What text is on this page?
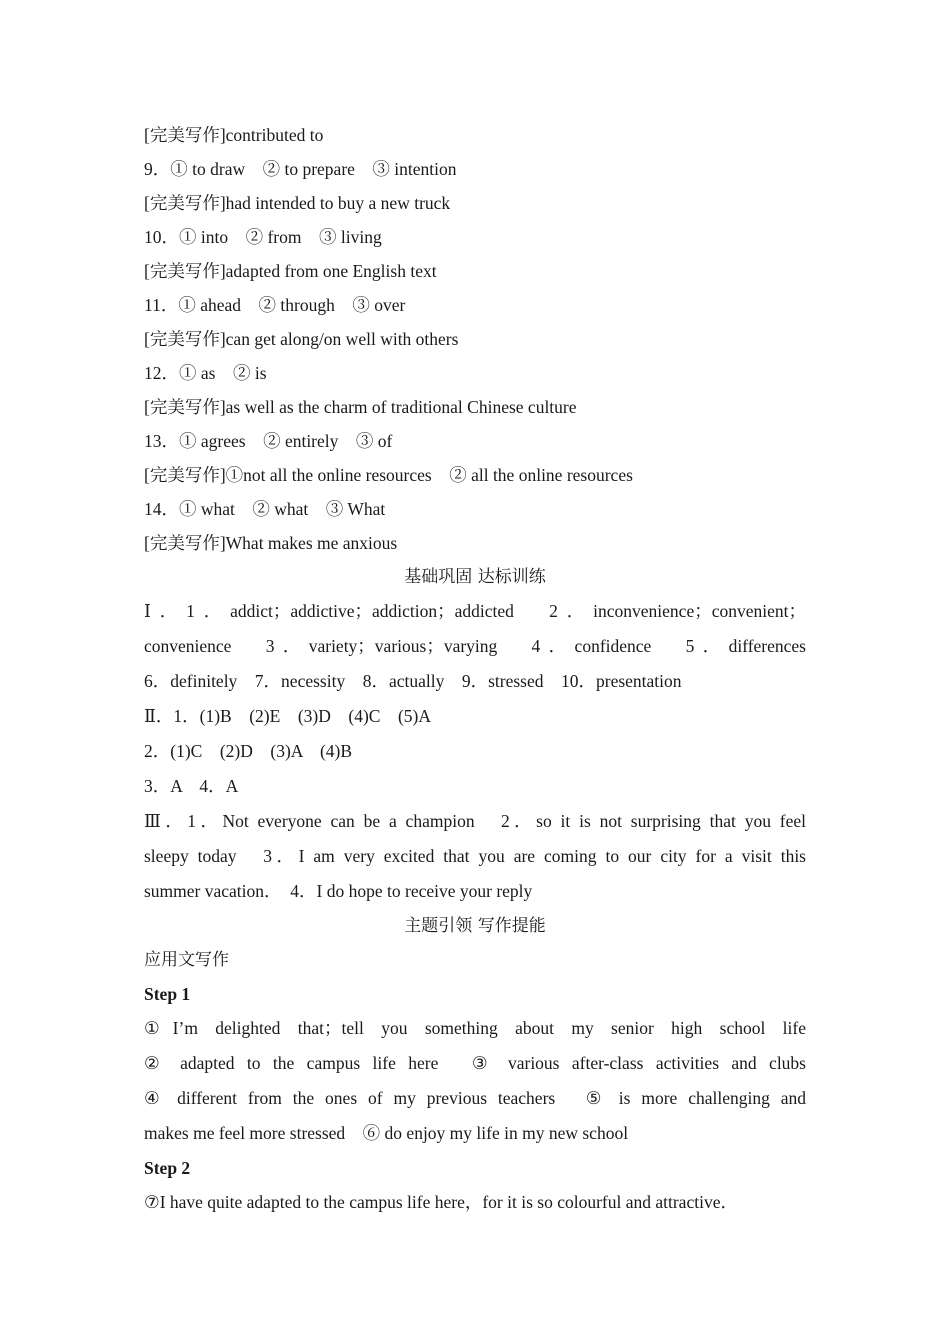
[完美写作]contributed to
9．① to draw　② to prepare　③ intention
[完美写作]had intended to buy a new truck
10．① into　② from　③ living
[完美写作]adapted from one English text
11．① ahead　② through　③ over
[完美写作]can get along/on well with others
12．① as　② is
[完美写作]as well as the charm of traditional Chinese culture
13．① agrees　② entirely　③ of
[完美写作]①not all the online resources　② all the online resources
14．① what　② what　③ What
[完美写作]What makes me anxious
基础巩固 达标训练
Ⅰ．1．addict；addictive；addiction；addicted　2．inconvenience；convenient；
convenience　3．variety；various；varying　4．confidence　5．differences
6．definitely　7．necessity　8．actually　9．stressed　10．presentation
Ⅱ．1．(1)B　(2)E　(3)D　(4)C　(5)A
2．(1)C　(2)D　(3)A　(4)B
3．A　4．A
Ⅲ．1．Not everyone can be a champion　2．so it is not surprising that you feel
sleepy today　3．I am very excited that you are coming to our city for a visit this
summer vacation．　4．I do hope to receive your reply
主题引领 写作提能
应用文写作
Step 1
①I’m delighted that；tell you something about my senior high school life
② adapted to the campus life here　③ various after-class activities and clubs
④ different from the ones of my previous teachers　⑤ is more challenging and
makes me feel more stressed　⑥ do enjoy my life in my new school
Step 2
⑦I have quite adapted to the campus life here，for it is so colourful and attractive．
